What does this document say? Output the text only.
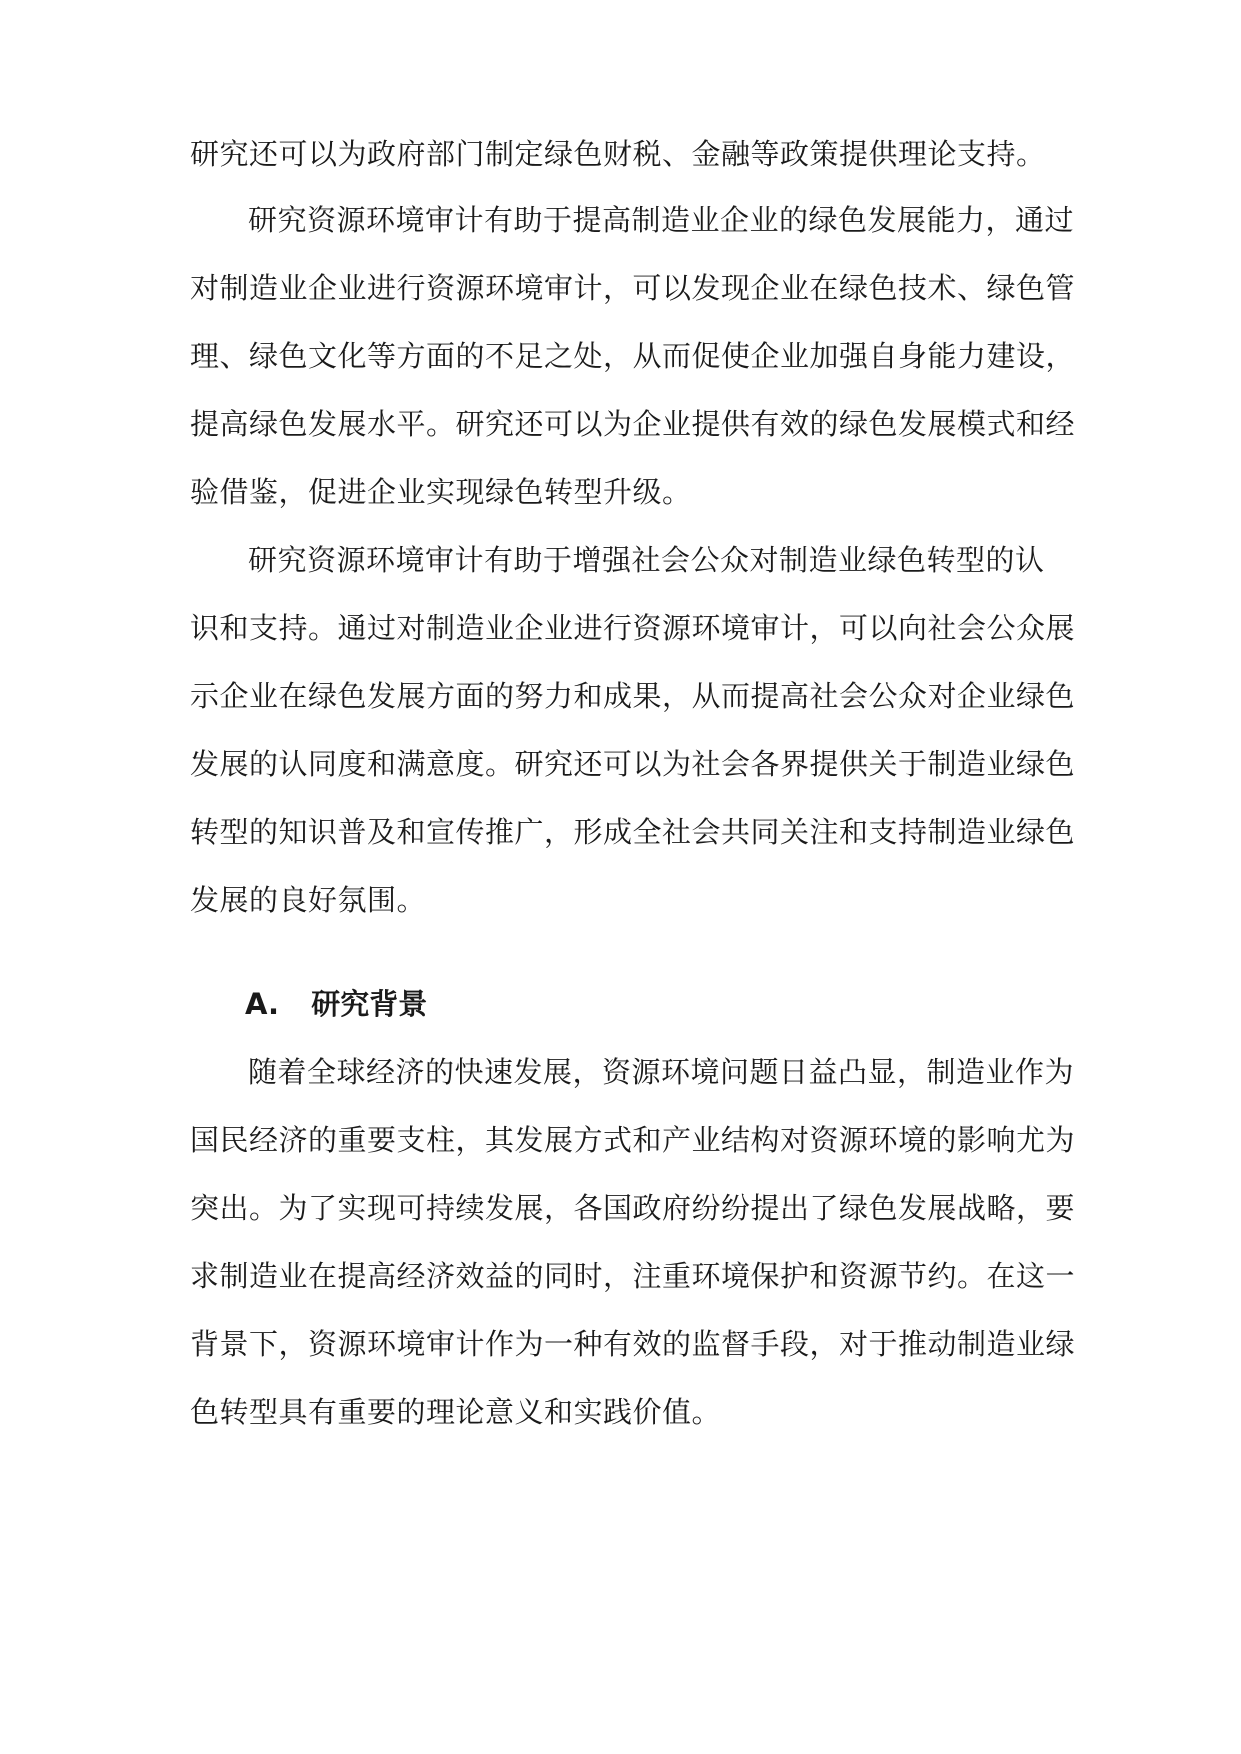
研究还可以为政府部门制定绿色财税、金融等政策提供理论支持。
研究资源环境审计有助于提高制造业企业的绿色发展能力，通过
对制造业企业进行资源环境审计，可以发现企业在绿色技术、绿色管
理、绿色文化等方面的不足之处，从而促使企业加强自身能力建设，
提高绿色发展水平。研究还可以为企业提供有效的绿色发展模式和经
验借鉴，促进企业实现绿色转型升级。
研究资源环境审计有助于增强社会公众对制造业绿色转型的认
识和支持。通过对制造业企业进行资源环境审计，可以向社会公众展
示企业在绿色发展方面的努力和成果，从而提高社会公众对企业绿色
发展的认同度和满意度。研究还可以为社会各界提供关于制造业绿色
转型的知识普及和宣传推广，形成全社会共同关注和支持制造业绿色
发展的良好氛围。
A. 研究背景
随着全球经济的快速发展，资源环境问题日益凸显，制造业作为
国民经济的重要支柱，其发展方式和产业结构对资源环境的影响尤为
突出。为了实现可持续发展，各国政府纷纷提出了绿色发展战略，要
求制造业在提高经济效益的同时，注重环境保护和资源节约。在这一
背景下，资源环境审计作为一种有效的监督手段，对于推动制造业绿
色转型具有重要的理论意义和实践价值。
